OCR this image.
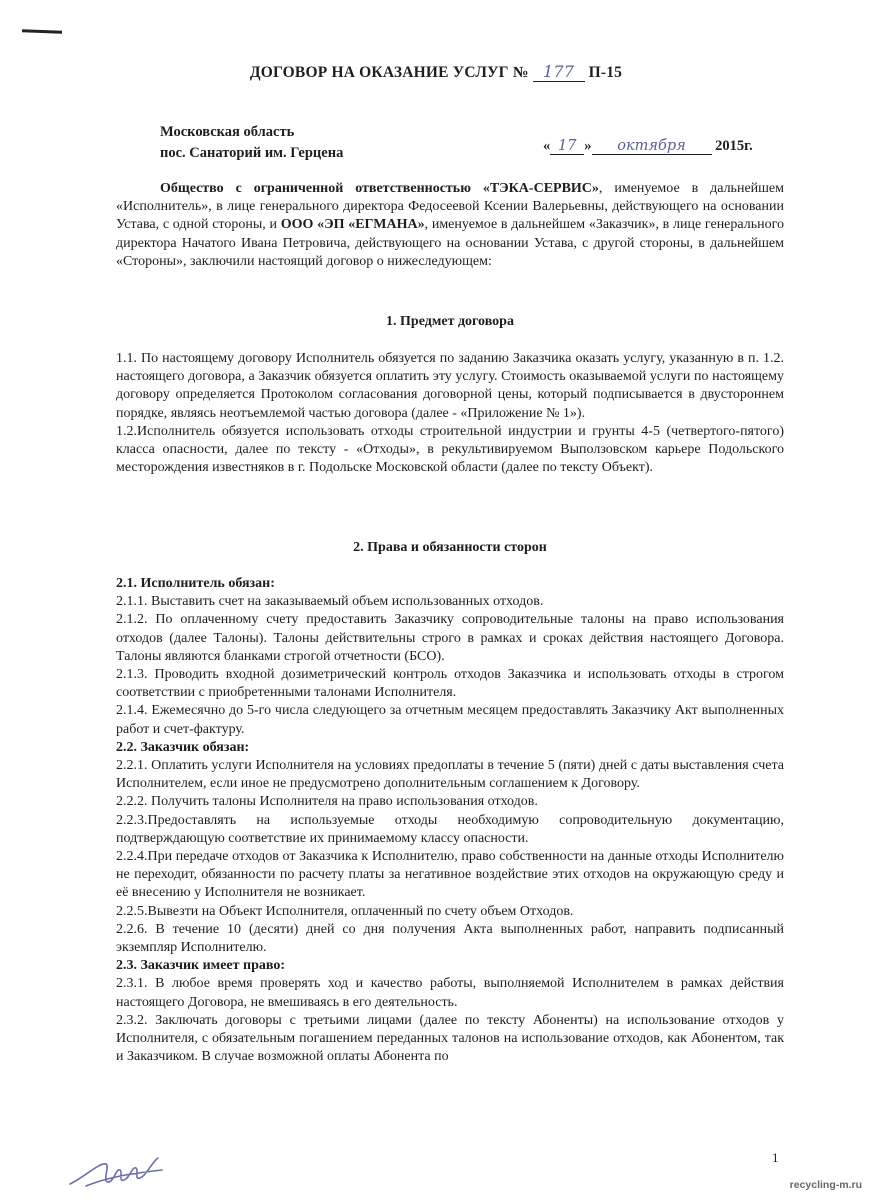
ДОГОВОР НА ОКАЗАНИЕ УСЛУГ № 177 П-15
Московская область
пос. Санаторий им. Герцена	« 17 » октября 2015г.

Общество с ограниченной ответственностью «ТЭКА-СЕРВИС», именуемое в дальнейшем «Исполнитель», в лице генерального директора Федосеевой Ксении Валерьевны, действующего на основании Устава, с одной стороны, и ООО «ЭП «ЕГМАНА», именуемое в дальнейшем «Заказчик», в лице генерального директора Начатого Ивана Петровича, действующего на основании Устава, с другой стороны, в дальнейшем «Стороны», заключили настоящий договор о нижеследующем:

1. Предмет договора

1.1. По настоящему договору Исполнитель обязуется по заданию Заказчика оказать услугу, указанную в п. 1.2. настоящего договора, а Заказчик обязуется оплатить эту услугу. Стоимость оказываемой услуги по настоящему договору определяется Протоколом согласования договорной цены, который подписывается в двустороннем порядке, являясь неотъемлемой частью договора (далее - «Приложение № 1»).

1.2.Исполнитель обязуется использовать отходы строительной индустрии и грунты 4-5 (четвертого-пятого) класса опасности, далее по тексту - «Отходы», в рекультивируемом Выползовском карьере Подольского месторождения известняков в г. Подольске Московской области (далее по тексту Объект).

2. Права и обязанности сторон

2.1. Исполнитель обязан:

2.1.1. Выставить счет на заказываемый объем использованных отходов.

2.1.2. По оплаченному счету предоставить Заказчику сопроводительные талоны на право использования отходов (далее Талоны). Талоны действительны строго в рамках и сроках действия настоящего Договора. Талоны являются бланками строгой отчетности (БСО).

2.1.3. Проводить входной дозиметрический контроль отходов Заказчика и использовать отходы в строгом соответствии с приобретенными талонами Исполнителя.

2.1.4. Ежемесячно до 5-го числа следующего за отчетным месяцем предоставлять Заказчику Акт выполненных работ и счет-фактуру.

2.2. Заказчик обязан:

2.2.1. Оплатить услуги Исполнителя на условиях предоплаты в течение 5 (пяти) дней с даты выставления счета Исполнителем, если иное не предусмотрено дополнительным соглашением к Договору.

2.2.2. Получить талоны Исполнителя на право использования отходов.

2.2.3.Предоставлять на используемые отходы необходимую сопроводительную документацию, подтверждающую соответствие их принимаемому классу опасности.

2.2.4.При передаче отходов от Заказчика к Исполнителю, право собственности на данные отходы Исполнителю не переходит, обязанности по расчету платы за негативное воздействие этих отходов на окружающую среду и её внесению у Исполнителя не возникает.

2.2.5.Вывезти на Объект Исполнителя, оплаченный по счету объем Отходов.

2.2.6. В течение 10 (десяти) дней со дня получения Акта выполненных работ, направить подписанный экземпляр Исполнителю.

2.3. Заказчик имеет право:

2.3.1. В любое время проверять ход и качество работы, выполняемой Исполнителем в рамках действия настоящего Договора, не вмешиваясь в его деятельность.

2.3.2. Заключать договоры с третьими лицами (далее по тексту Абоненты) на использование отходов у Исполнителя, с обязательным погашением переданных талонов на использование отходов, как Абонентом, так и Заказчиком. В случае возможной оплаты Абонента по

1
recycling-m.ru
